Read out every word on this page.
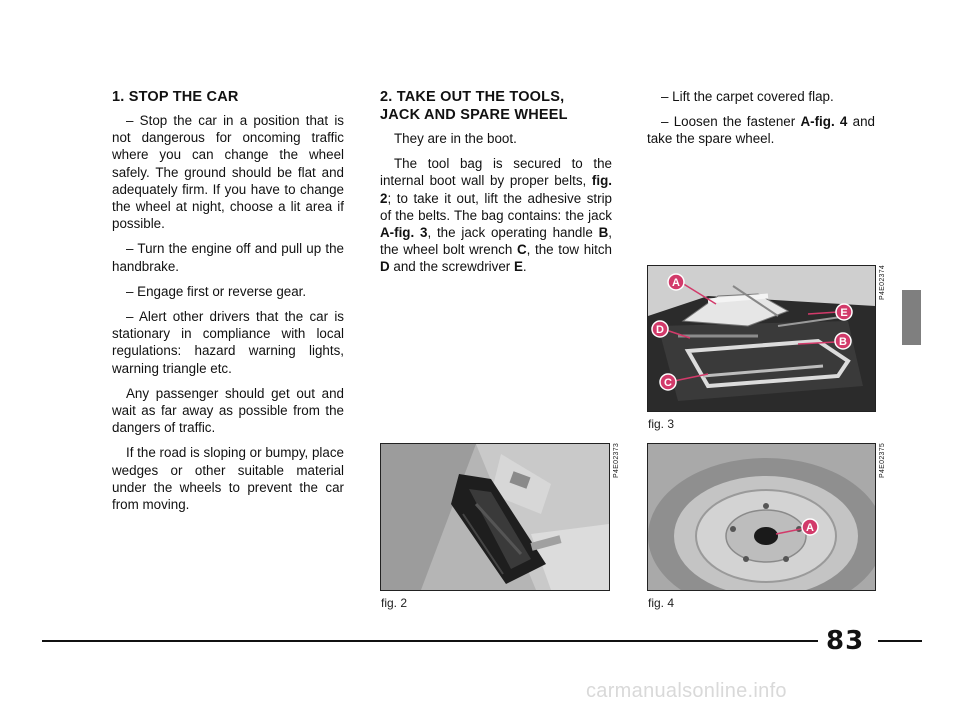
1. STOP THE CAR

– Stop the car in a position that is not dangerous for oncoming traffic where you can change the wheel safely. The ground should be flat and adequately firm. If you have to change the wheel at night, choose a lit area if possible.

– Turn the engine off and pull up the handbrake.

– Engage first or reverse gear.

– Alert other drivers that the car is stationary in compliance with local regulations: hazard warning lights, warning triangle etc.

Any passenger should get out and wait as far away as possible from the dangers of traffic.

If the road is sloping or bumpy, place wedges or other suitable material under the wheels to prevent the car from moving.

2. TAKE OUT THE TOOLS,
JACK AND SPARE WHEEL

They are in the boot.

The tool bag is secured to the internal boot wall by proper belts, fig. 2; to take it out, lift the adhesive strip of the belts. The bag contains: the jack A-fig. 3, the jack operating handle B, the wheel bolt wrench C, the tow hitch D and the screwdriver E.

– Lift the carpet covered flap.

– Loosen the fastener A-fig. 4 and take the spare wheel.

P4E02373
fig. 2
A
E
D
B
C
P4E02374
fig. 3
A
P4E02375
fig. 4
83
carmanualsonline.info
